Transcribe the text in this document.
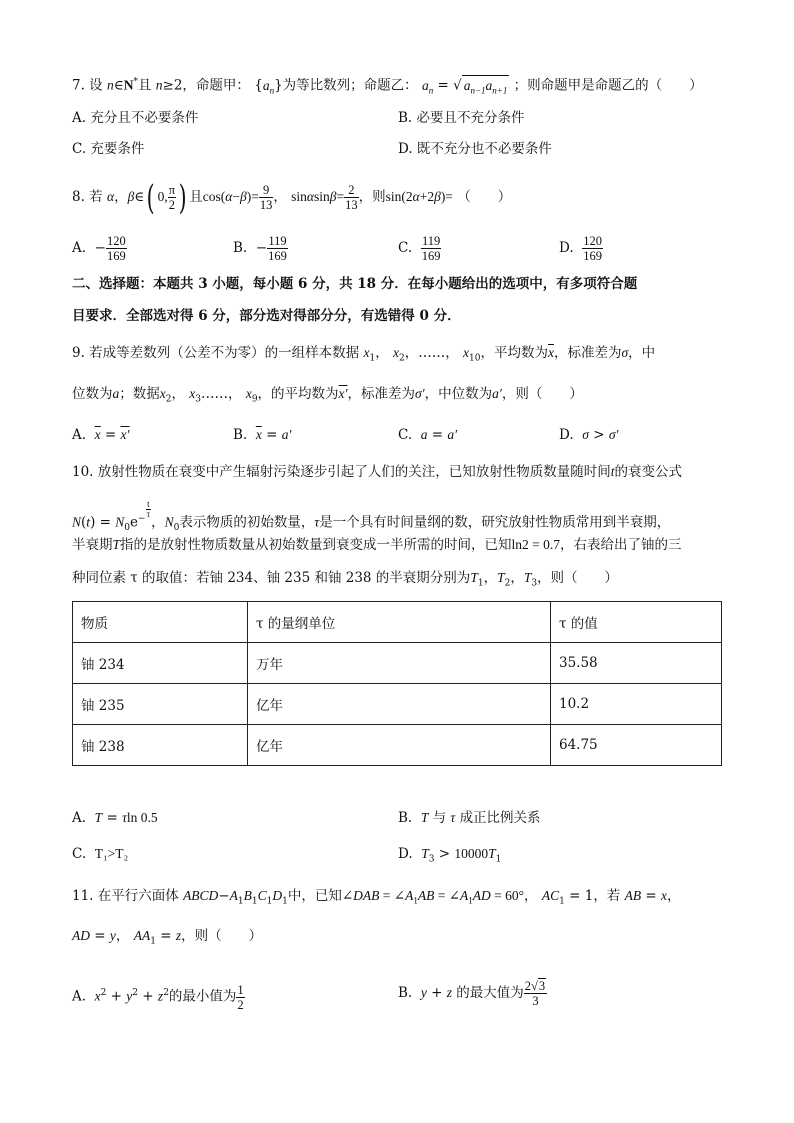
7. 设 n∈N*且 n≥2，命题甲： $\{a_n\}$为等比数列；命题乙： $a_n$ = √ $a_{n-1}a_{n+1}$ ；则命题甲是命题乙的（　　）
A. 充分且不必要条件	B. 必要且不充分条件
C. 充要条件	D. 既不充分也不必要条件
8. 若 α，β∈( 0, $\frac{\pi}{2}$ ) 且$\cos(\alpha-\beta)= \frac{9}{13}$ ， $\sin\alpha\sin\beta= \frac{2}{13}$ ，则sin(2α+2β)= （　　）
A. − $\frac{120}{169}$	B. − $\frac{119}{169}$	C. $\frac{119}{169}$	D. $\frac{120}{169}$
二、选择题：本题共 3 小题，每小题 6 分，共 18 分．在每小题给出的选项中，有多项符合题
目要求．全部选对得 6 分，部分选对得部分分，有选错得 0 分．
9. 若成等差数列（公差不为零）的一组样本数据 $x_1$， $x_2$，……， $x_{10}$，平均数为$\overline{x}$，标准差为σ，中
位数为a；数据$x_2$， $x_3\dots\dots$， $x_9$，的平均数为x′，标准差为σ′，中位数为a′，则（　　）
A. $\overline{x} = x'$	B. $\overline{x} = a'$	C. a = a′	D. σ > σ′
10. 放射性物质在衰变中产生辐射污染逐步引起了人们的关注，已知放射性物质数量随时间t的衰变公式
$N(t) = N_0e^{- \frac{t}{\tau}}$
，$N_0$表示物质的初始数量，τ是一个具有时间量纲的数，研究放射性物质常用到半衰期，
半衰期T指的是放射性物质数量从初始数量到衰变成一半所需的时间，已知ln2 = 0.7，右表给出了铀的三
种同位素 τ 的取值：若铀 234、铀 235 和铀 238 的半衰期分别为$T_1$，$T_2$，$T_3$，则（　　）
物质	τ 的量纲单位	τ 的值
铀 234	万年	35.58
铀 235	亿年	10.2
铀 238	亿年	64.75
A. T = τln 0.5	B. T 与 τ 成正比例关系
C. T₁>T₂	D. $T_3 > 10000T_1$
11. 在平行六面体 $ABCD-A_1B_1C_1D_1$中，已知∠DAB = $\angle A_1AB$ = $\angle A_1AD = 60^\circ$， $AC_1 = 1$，若 AB = x，
AD = y， $AA_1 = z$，则（　　）
A. $x^2 + y^2 + z^2$的最小值为 $\frac{1}{2}$	B. y + z 的最大值为 $\frac{2√3}{3}$
